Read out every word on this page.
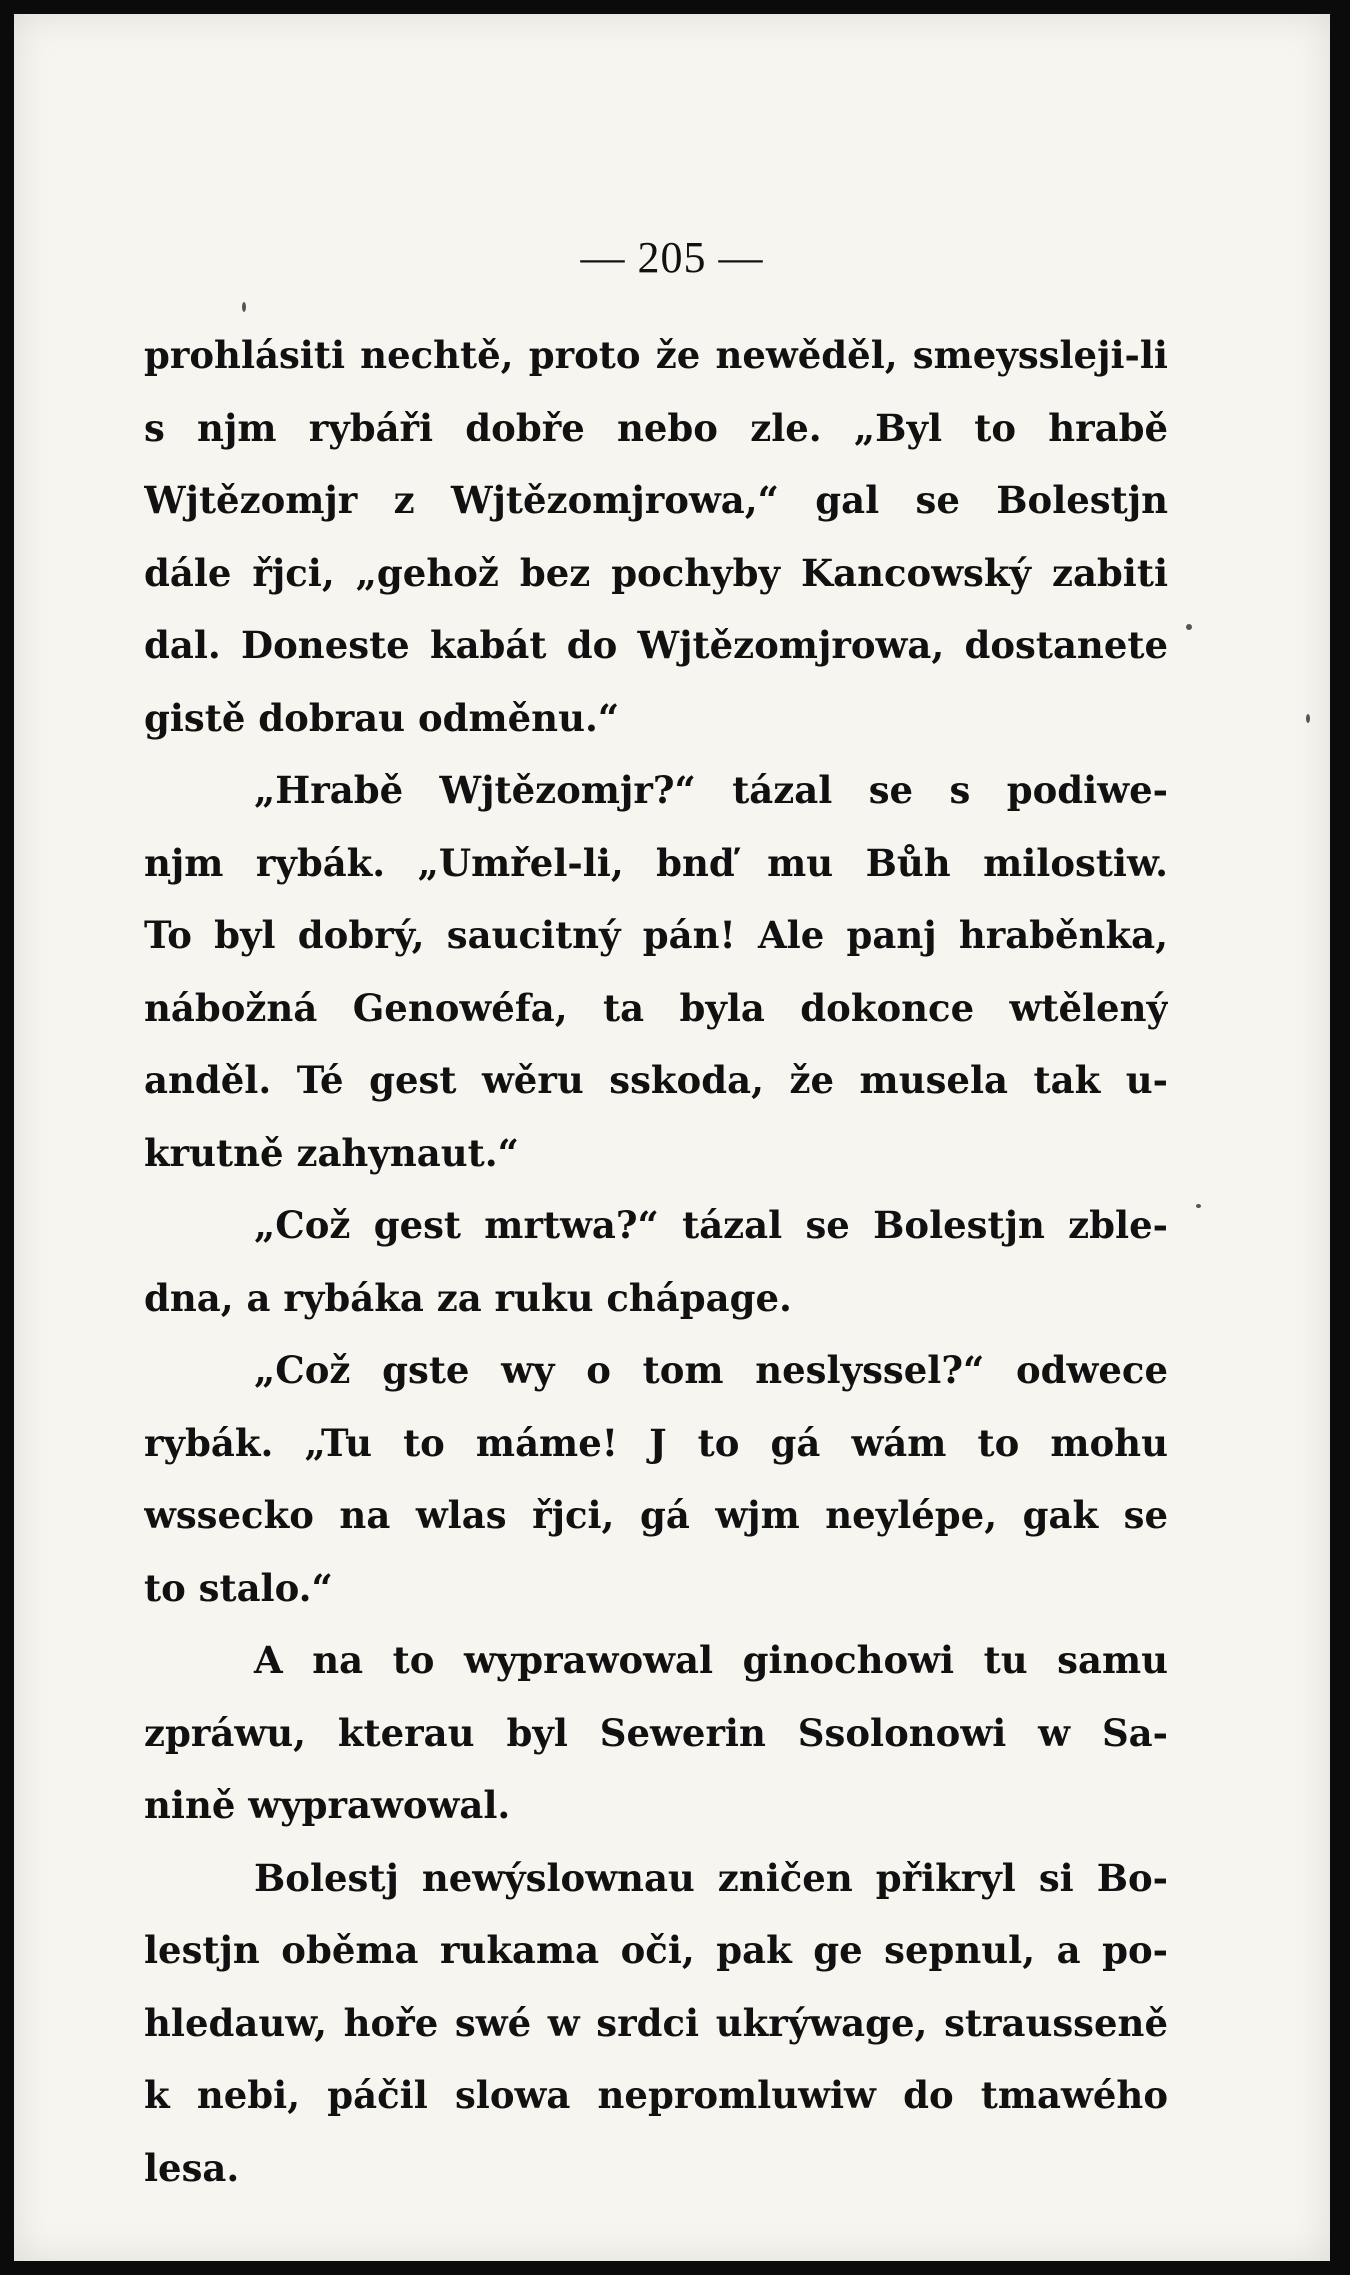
— 205 —
prohlásiti nechtě, proto že newěděl, smeyssleji-li
s njm rybáři dobře nebo zle. „Byl to hrabě
Wjtězomjr z Wjtězomjrowa,“ gal se Bolestjn
dále řjci, „gehož bez pochyby Kancowský zabiti
dal. Doneste kabát do Wjtězomjrowa, dostanete
gistě dobrau odměnu.“
„Hrabě Wjtězomjr?“ tázal se s podiwe-
njm rybák. „Umřel-li, bnď mu Bůh milostiw.
To byl dobrý, saucitný pán! Ale panj hraběnka,
nábožná Genowéfa, ta byla dokonce wtělený
anděl. Té gest wěru sskoda, že musela tak u-
krutně zahynaut.“
„Což gest mrtwa?“ tázal se Bolestjn zble-
dna, a rybáka za ruku chápage.
„Což gste wy o tom neslyssel?“ odwece
rybák. „Tu to máme! J to gá wám to mohu
wssecko na wlas řjci, gá wjm neylépe, gak se
to stalo.“
A na to wyprawowal ginochowi tu samu
zpráwu, kterau byl Sewerin Ssolonowi w Sa-
nině wyprawowal.
Bolestj newýslownau zničen přikryl si Bo-
lestjn oběma rukama oči, pak ge sepnul, a po-
hledauw, hoře swé w srdci ukrýwage, strausseně
k nebi, páčil slowa nepromluwiw do tmawého
lesa.
